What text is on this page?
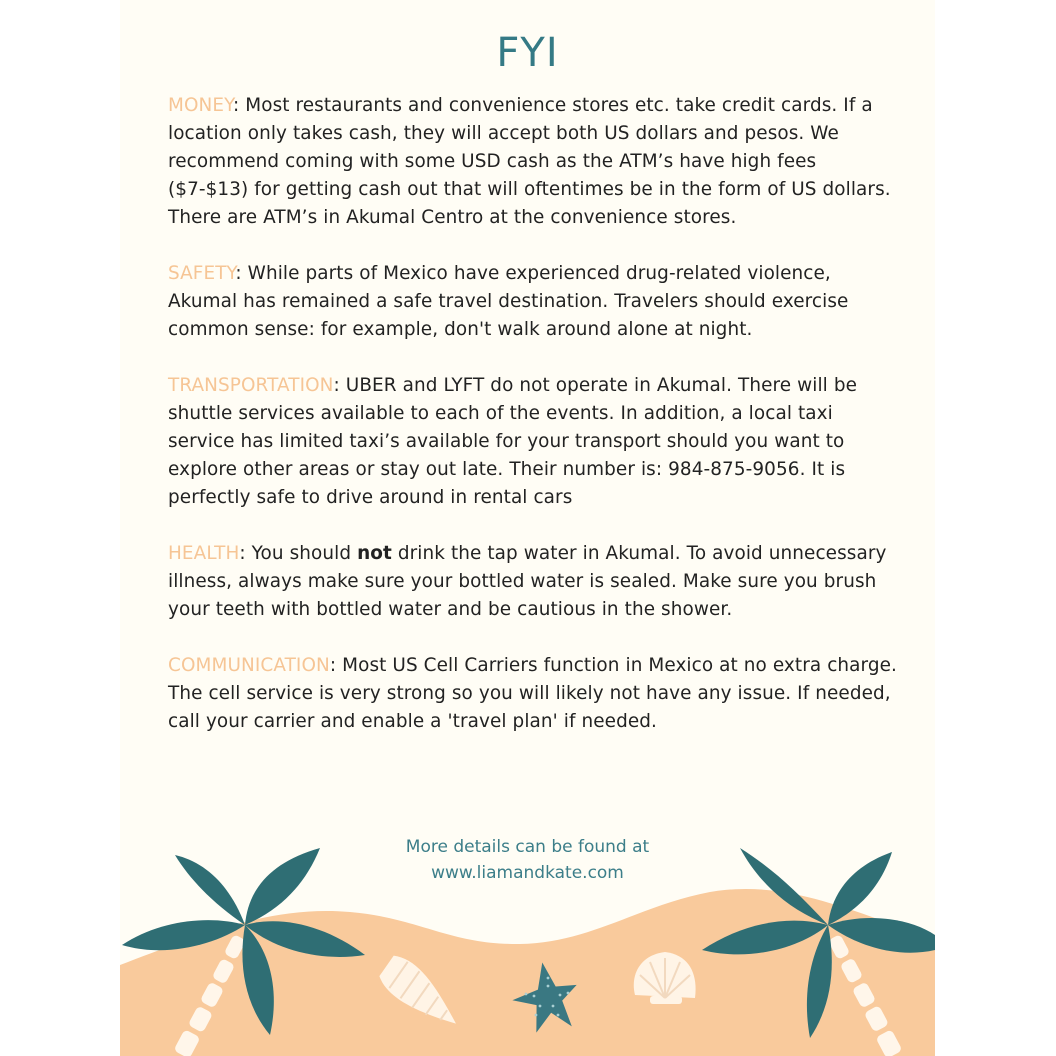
FYI

MONEY: Most restaurants and convenience stores etc. take credit cards. If a location only takes cash, they will accept both US dollars and pesos. We recommend coming with some USD cash as the ATM’s have high fees ($7-$13) for getting cash out that will oftentimes be in the form of US dollars. There are ATM’s in Akumal Centro at the convenience stores.

SAFETY: While parts of Mexico have experienced drug-related violence, Akumal has remained a safe travel destination. Travelers should exercise common sense: for example, don't walk around alone at night.

TRANSPORTATION: UBER and LYFT do not operate in Akumal. There will be shuttle services available to each of the events. In addition, a local taxi service has limited taxi’s available for your transport should you want to explore other areas or stay out late. Their number is: 984-875-9056. It is perfectly safe to drive around in rental cars

HEALTH: You should not drink the tap water in Akumal. To avoid unnecessary illness, always make sure your bottled water is sealed. Make sure you brush your teeth with bottled water and be cautious in the shower.

COMMUNICATION: Most US Cell Carriers function in Mexico at no extra charge. The cell service is very strong so you will likely not have any issue. If needed, call your carrier and enable a 'travel plan' if needed.

More details can be found at
www.liamandkate.com
